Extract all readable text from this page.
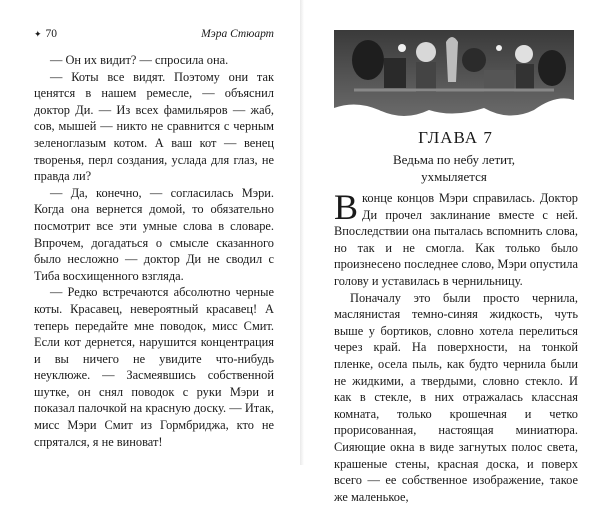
✦ 70	Мэра Стюарт

— Он их видит? — спросила она.

— Коты все видят. Поэтому они так ценятся в нашем ремесле, — объяснил доктор Ди. — Из всех фамильяров — жаб, сов, мышей — никто не сравнится с черным зеленоглазым котом. А ваш кот — венец творенья, перл создания, услада для глаз, не правда ли?

— Да, конечно, — согласилась Мэри. Когда она вернется домой, то обязательно посмотрит все эти умные слова в словаре. Впрочем, догадаться о смысле сказанного было несложно — доктор Ди не сводил с Тиба восхищенного взгляда.

— Редко встречаются абсолютно черные коты. Красавец, невероятный красавец! А теперь передайте мне поводок, мисс Смит. Если кот дернется, нарушится концентрация и вы ничего не увидите что-нибудь неуклюже. — Засмеявшись собственной шутке, он снял поводок с руки Мэри и показал палочкой на красную доску. — Итак, мисс Мэри Смит из Гормбриджа, кто не спрятался, я не виноват!

ГЛАВА 7
Ведьма по небу летит,
ухмыляется

В конце концов Мэри справилась. Доктор Ди прочел заклинание вместе с ней. Впоследствии она пыталась вспомнить слова, но так и не смогла. Как только было произнесено последнее слово, Мэри опустила голову и уставилась в чернильницу.

Поначалу это были просто чернила, маслянистая темно-синяя жидкость, чуть выше у бортиков, словно хотела перелиться через край. На поверхности, на тонкой пленке, осела пыль, как будто чернила были не жидкими, а твердыми, словно стекло. И как в стекле, в них отражалась классная комната, только крошечная и четко прорисованная, настоящая миниатюра. Сияющие окна в виде загнутых полос света, крашеные стены, красная доска, и поверх всего — ее собственное изображение, такое же маленькое,
